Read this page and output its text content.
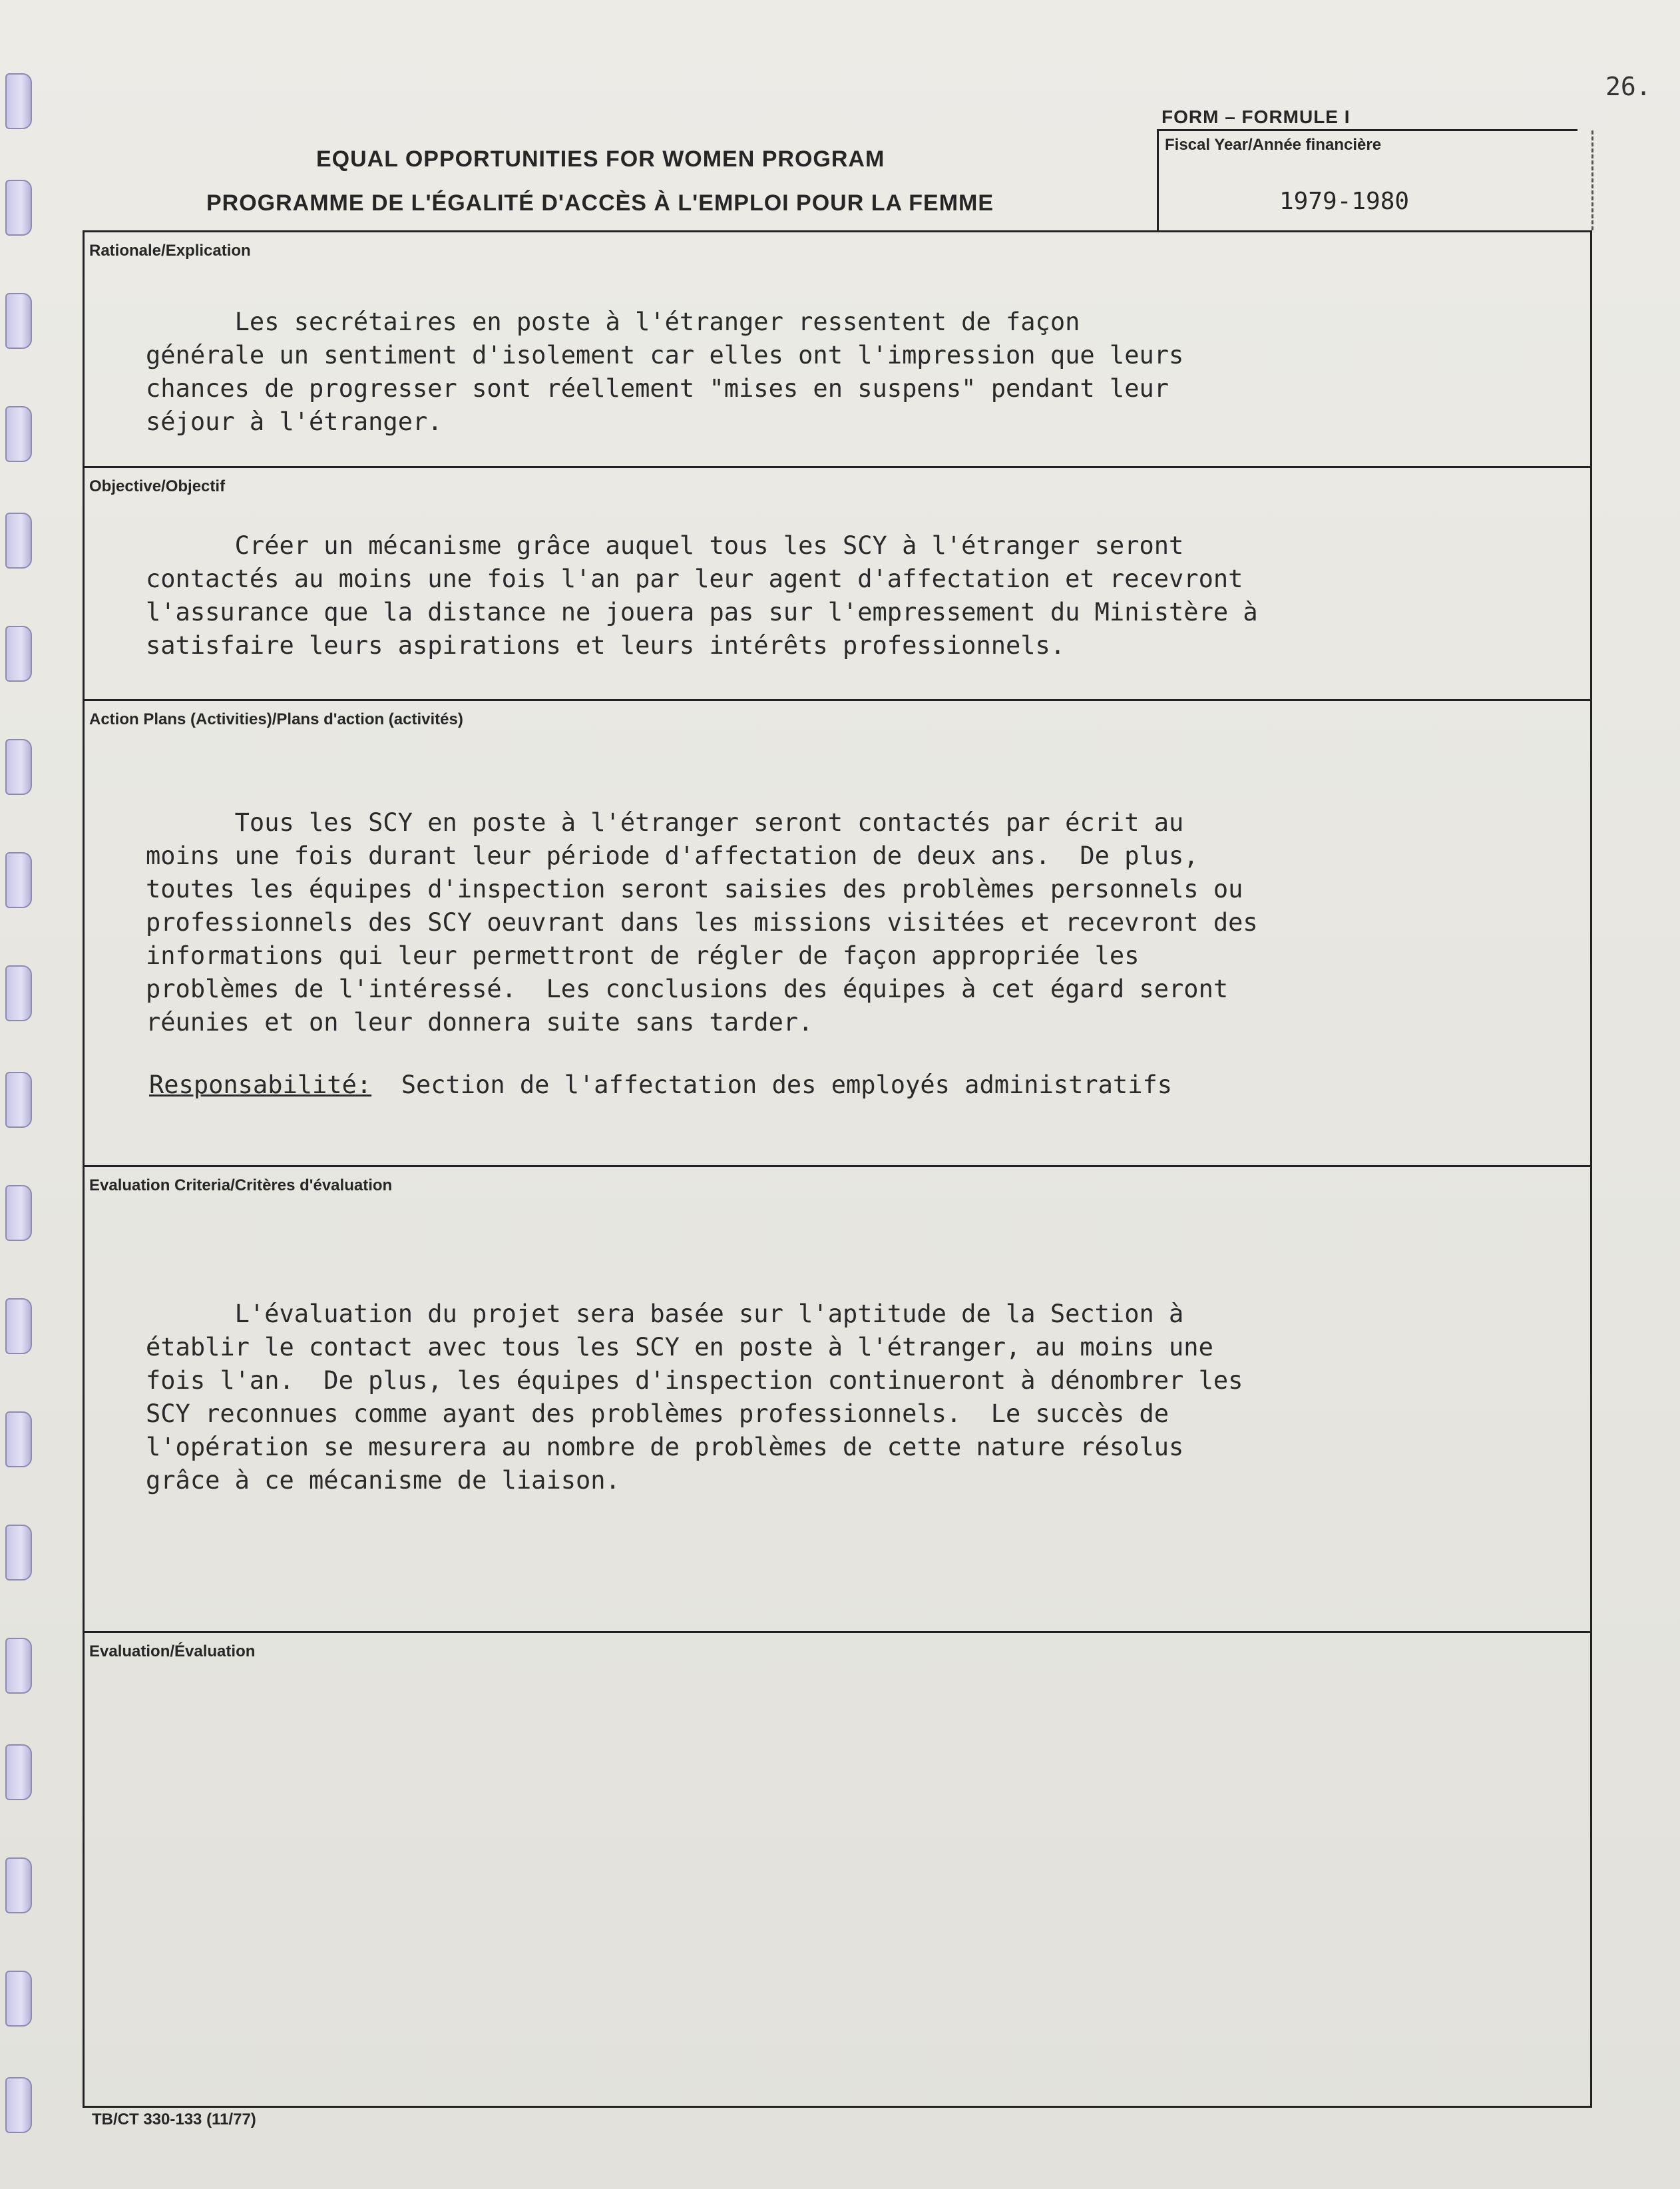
26.
EQUAL OPPORTUNITIES FOR WOMEN PROGRAM
PROGRAMME DE L'ÉGALITÉ D'ACCÈS À L'EMPLOI POUR LA FEMME
FORM – FORMULE I
Fiscal Year/Année financière
1979-1980
Rationale/Explication
Les secrétaires en poste à l'étranger ressentent de façon
générale un sentiment d'isolement car elles ont l'impression que leurs
chances de progresser sont réellement "mises en suspens" pendant leur
séjour à l'étranger.
Objective/Objectif
Créer un mécanisme grâce auquel tous les SCY à l'étranger seront
contactés au moins une fois l'an par leur agent d'affectation et recevront
l'assurance que la distance ne jouera pas sur l'empressement du Ministère à
satisfaire leurs aspirations et leurs intérêts professionnels.
Action Plans (Activities)/Plans d'action (activités)
Tous les SCY en poste à l'étranger seront contactés par écrit au
moins une fois durant leur période d'affectation de deux ans.  De plus,
toutes les équipes d'inspection seront saisies des problèmes personnels ou
professionnels des SCY oeuvrant dans les missions visitées et recevront des
informations qui leur permettront de régler de façon appropriée les
problèmes de l'intéressé.  Les conclusions des équipes à cet égard seront
réunies et on leur donnera suite sans tarder.
Responsabilité:  Section de l'affectation des employés administratifs
Evaluation Criteria/Critères d'évaluation
L'évaluation du projet sera basée sur l'aptitude de la Section à
établir le contact avec tous les SCY en poste à l'étranger, au moins une
fois l'an.  De plus, les équipes d'inspection continueront à dénombrer les
SCY reconnues comme ayant des problèmes professionnels.  Le succès de
l'opération se mesurera au nombre de problèmes de cette nature résolus
grâce à ce mécanisme de liaison.
Evaluation/Évaluation
TB/CT 330-133 (11/77)
